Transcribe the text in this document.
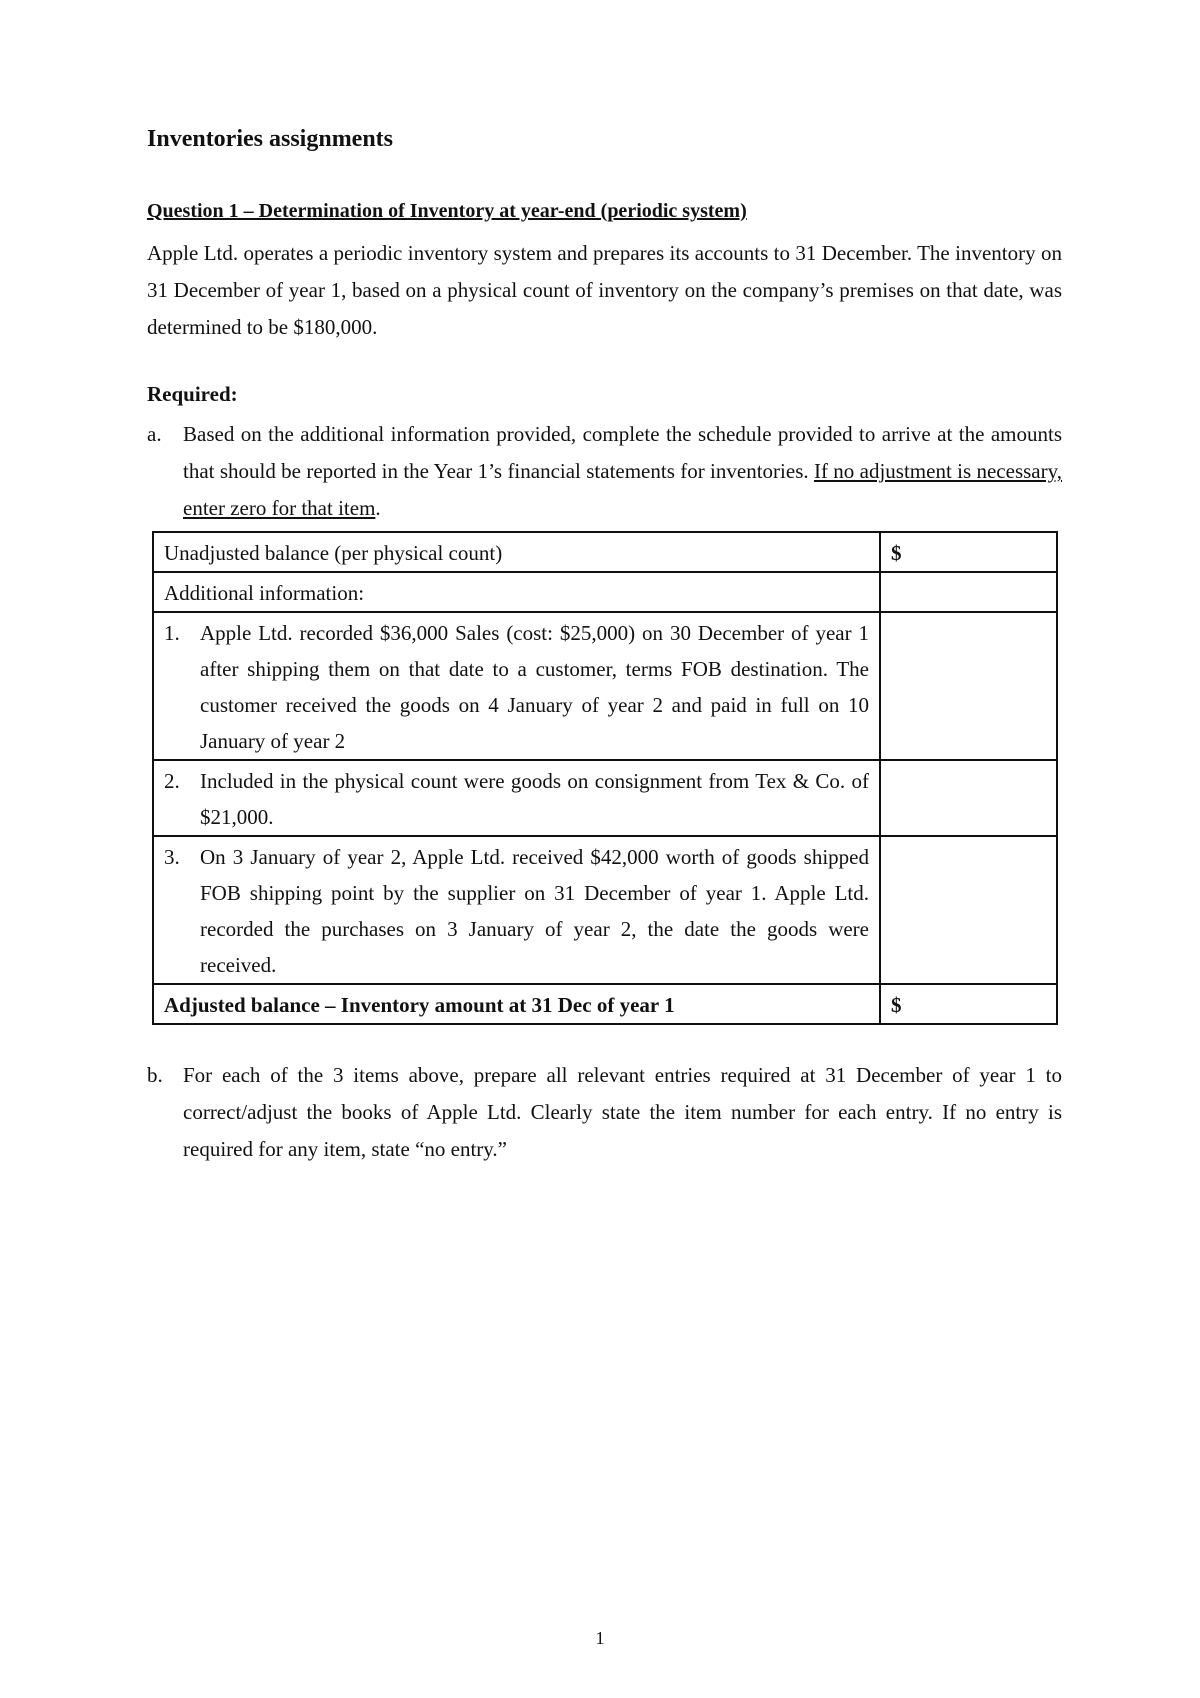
Inventories assignments
Question 1 – Determination of Inventory at year-end (periodic system)

Apple Ltd. operates a periodic inventory system and prepares its accounts to 31 December. The inventory on 31 December of year 1, based on a physical count of inventory on the company’s premises on that date, was determined to be $180,000.

Required:

a. Based on the additional information provided, complete the schedule provided to arrive at the amounts that should be reported in the Year 1’s financial statements for inventories. If no adjustment is necessary, enter zero for that item.
Unadjusted balance (per physical count)	$
Additional information:	

1. Apple Ltd. recorded $36,000 Sales (cost: $25,000) on 30 December of year 1 after shipping them on that date to a customer, terms FOB destination. The customer received the goods on 4 January of year 2 and paid in full on 10 January of year 2	

2. Included in the physical count were goods on consignment from Tex & Co. of $21,000.	

3. On 3 January of year 2, Apple Ltd. received $42,000 worth of goods shipped FOB shipping point by the supplier on 31 December of year 1. Apple Ltd. recorded the purchases on 3 January of year 2, the date the goods were received.	

Adjusted balance – Inventory amount at 31 Dec of year 1	$
b. For each of the 3 items above, prepare all relevant entries required at 31 December of year 1 to correct/adjust the books of Apple Ltd. Clearly state the item number for each entry. If no entry is required for any item, state “no entry.”

1
